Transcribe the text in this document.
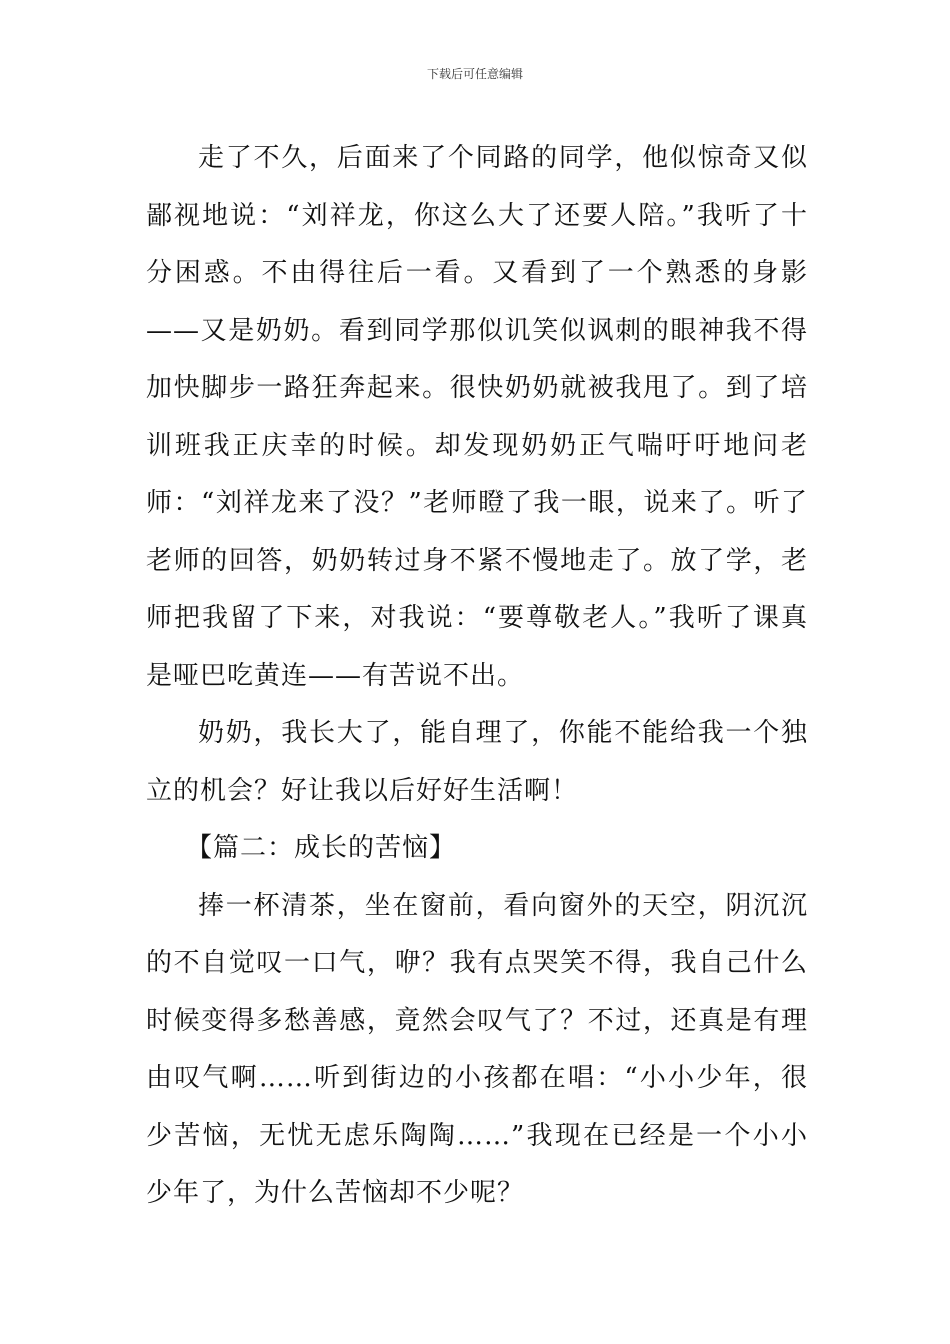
下载后可任意编辑

走了不久，后面来了个同路的同学，他似惊奇又似鄙视地说：“刘祥龙，你这么大了还要人陪。”我听了十分困惑。不由得往后一看。又看到了一个熟悉的身影——又是奶奶。看到同学那似讥笑似讽刺的眼神我不得加快脚步一路狂奔起来。很快奶奶就被我甩了。到了培训班我正庆幸的时候。却发现奶奶正气喘吁吁地问老师：“刘祥龙来了没？”老师瞪了我一眼，说来了。听了老师的回答，奶奶转过身不紧不慢地走了。放了学，老师把我留了下来，对我说：“要尊敬老人。”我听了课真是哑巴吃黄连——有苦说不出。

奶奶，我长大了，能自理了，你能不能给我一个独立的机会？好让我以后好好生活啊！

【篇二：成长的苦恼】

捧一杯清茶，坐在窗前，看向窗外的天空，阴沉沉的不自觉叹一口气，咿？我有点哭笑不得，我自己什么时候变得多愁善感，竟然会叹气了？不过，还真是有理由叹气啊……听到街边的小孩都在唱：“小小少年，很少苦恼，无忧无虑乐陶陶……”我现在已经是一个小小少年了，为什么苦恼却不少呢？
